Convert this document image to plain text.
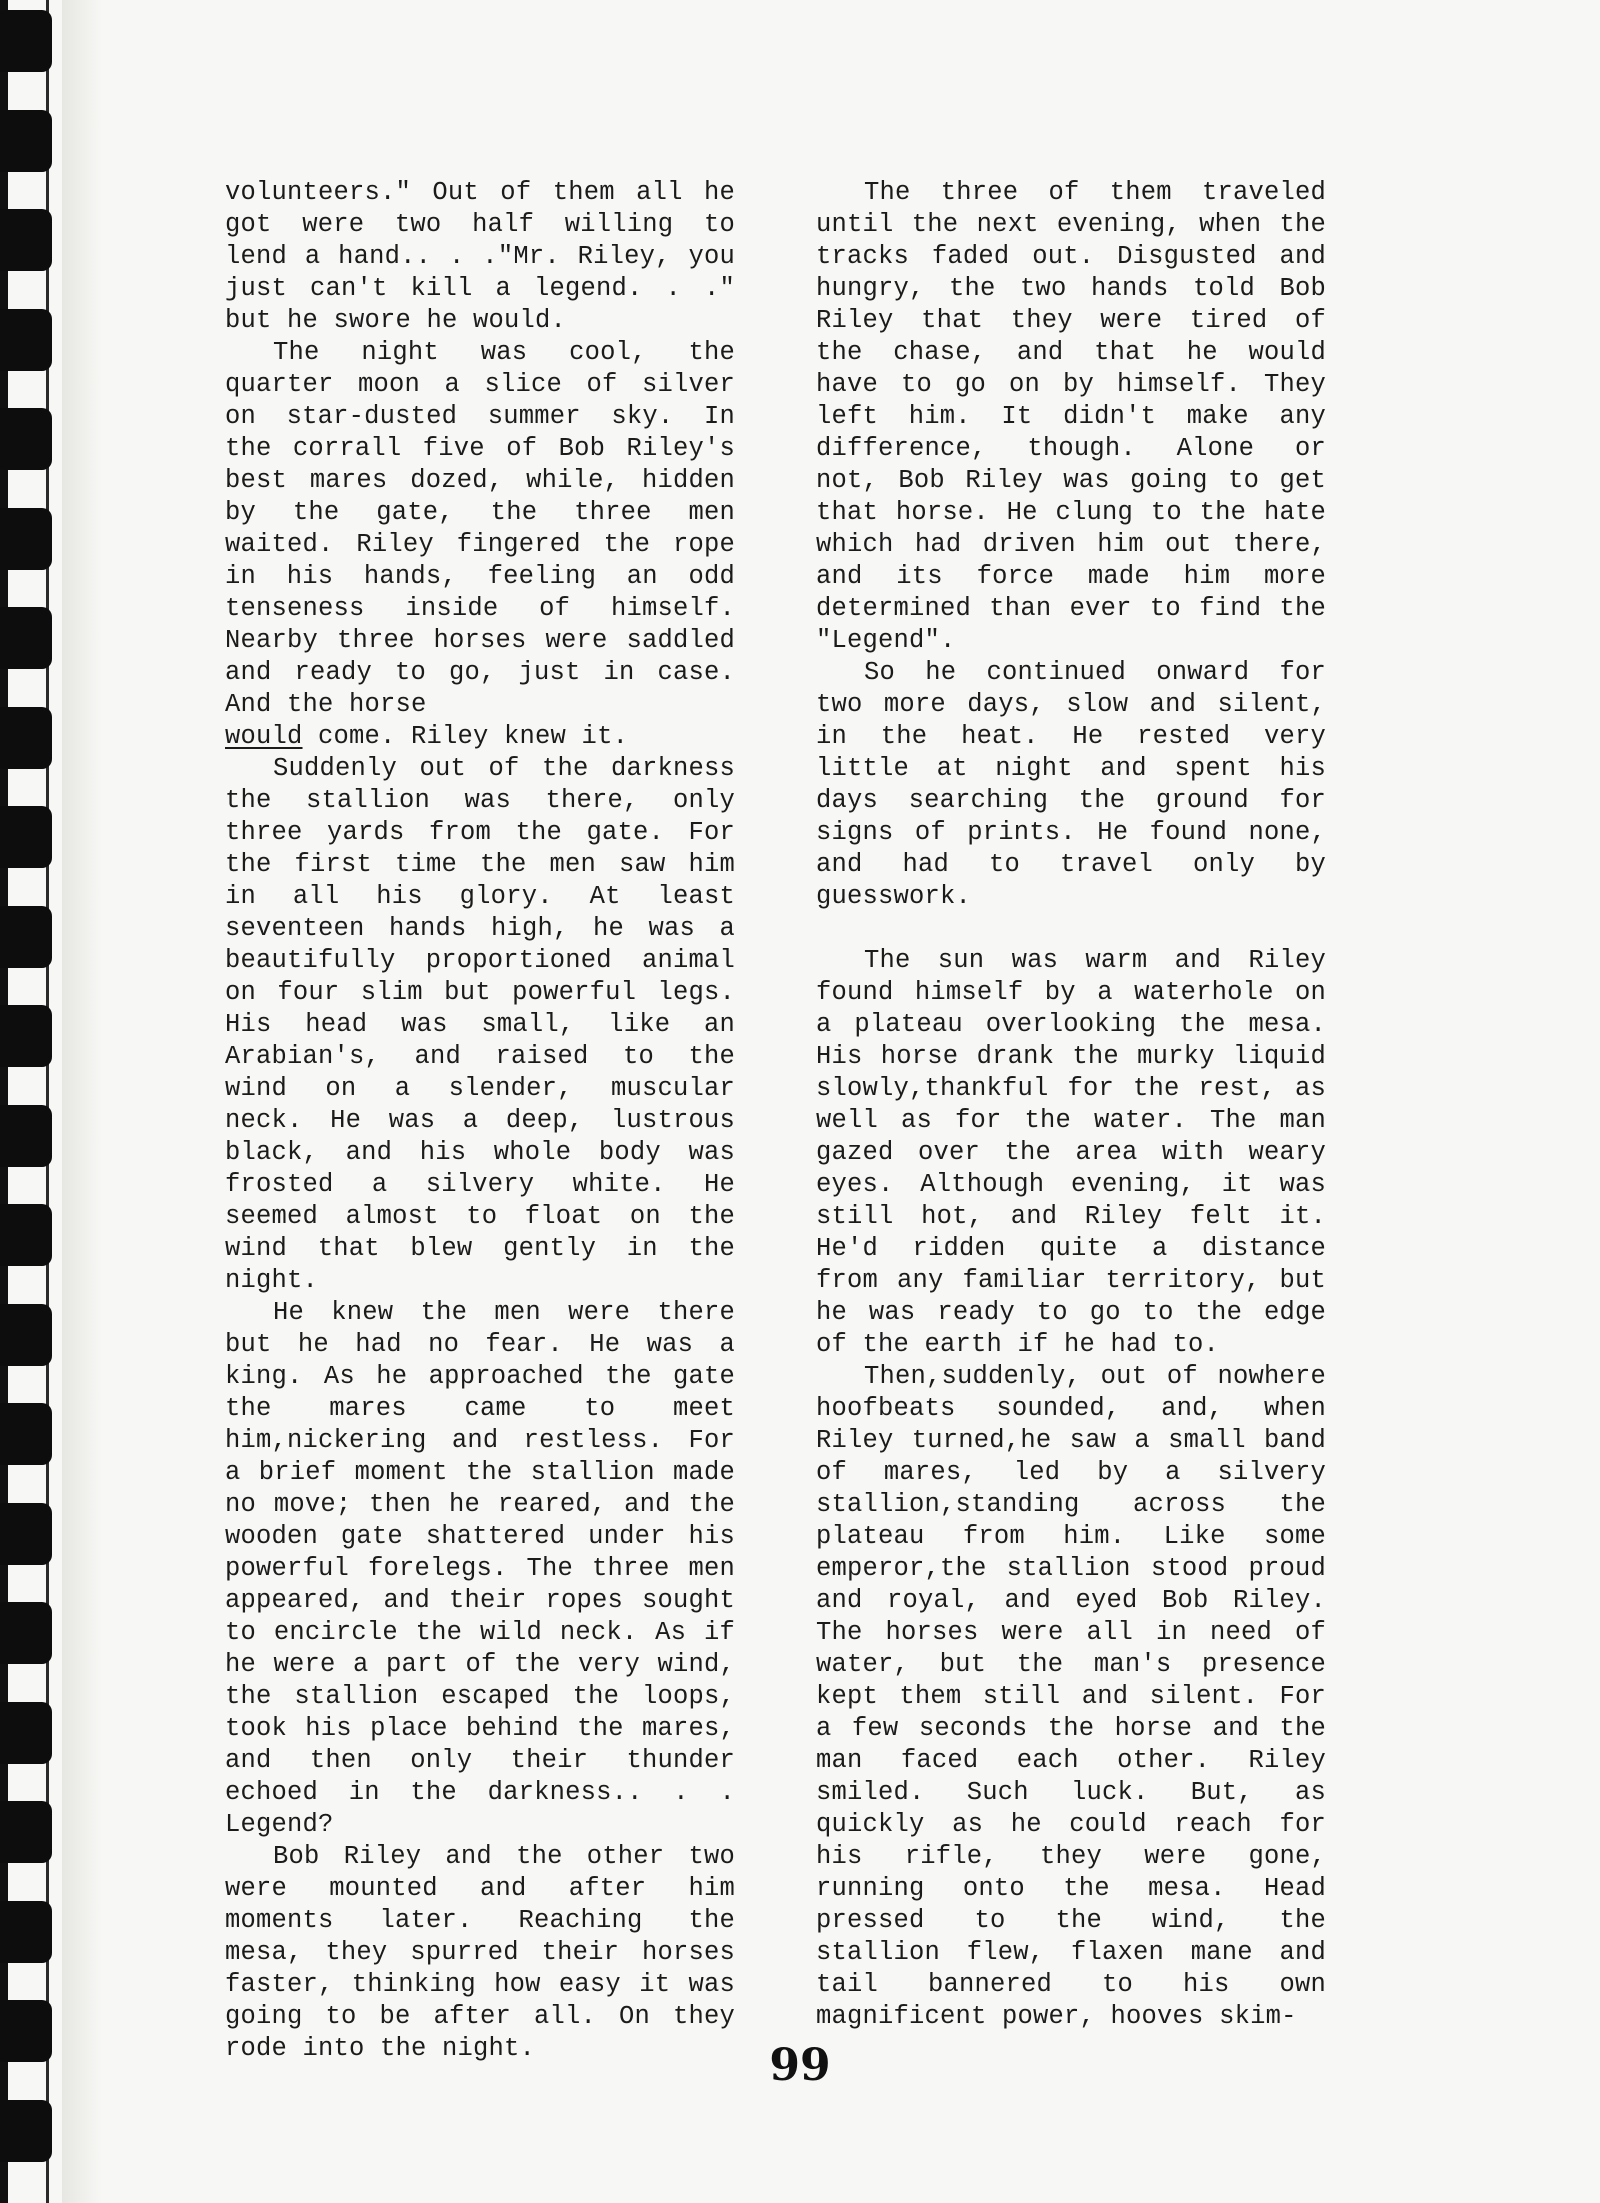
volunteers." Out of them all he got were two half willing to lend a hand.. . ."Mr. Riley, you just can't kill a legend. . ." but he swore he would.

The night was cool, the quarter moon a slice of silver on star-dusted summer sky. In the corrall five of Bob Riley's best mares dozed, while, hidden by the gate, the three men waited. Riley fingered the rope in his hands, feeling an odd tenseness inside of himself. Nearby three horses were saddled and ready to go, just in case. And the horse
would come. Riley knew it.

Suddenly out of the darkness the stallion was there, only three yards from the gate. For the first time the men saw him in all his glory. At least seventeen hands high, he was a beautifully proportioned animal on four slim but powerful legs. His head was small, like an Arabian's, and raised to the wind on a slender, muscular neck. He was a deep, lustrous black, and his whole body was frosted a silvery white. He seemed almost to float on the wind that blew gently in the night.

He knew the men were there but he had no fear. He was a king. As he approached the gate the mares came to meet him,nickering and restless. For a brief moment the stallion made no move; then he reared, and the wooden gate shattered under his powerful forelegs. The three men appeared, and their ropes sought to encircle the wild neck. As if he were a part of the very wind, the stallion escaped the loops, took his place behind the mares, and then only their thunder echoed in the darkness.. . . Legend?

Bob Riley and the other two were mounted and after him moments later. Reaching the mesa, they spurred their horses faster, thinking how easy it was going to be after all. On they rode into the night.

The three of them traveled until the next evening, when the tracks faded out. Disgusted and hungry, the two hands told Bob Riley that they were tired of the chase, and that he would have to go on by himself. They left him. It didn't make any difference, though. Alone or not, Bob Riley was going to get that horse. He clung to the hate which had driven him out there, and its force made him more determined than ever to find the "Legend".

So he continued onward for two more days, slow and silent, in the heat. He rested very little at night and spent his days searching the ground for signs of prints. He found none, and had to travel only by guesswork.

The sun was warm and Riley found himself by a waterhole on a plateau overlooking the mesa. His horse drank the murky liquid slowly,thankful for the rest, as well as for the water. The man gazed over the area with weary eyes. Although evening, it was still hot, and Riley felt it. He'd ridden quite a distance from any familiar territory, but he was ready to go to the edge of the earth if he had to.

Then,suddenly, out of nowhere hoofbeats sounded, and, when Riley turned,he saw a small band of mares, led by a silvery stallion,standing across the plateau from him. Like some emperor,the stallion stood proud and royal, and eyed Bob Riley. The horses were all in need of water, but the man's presence kept them still and silent. For a few seconds the horse and the man faced each other. Riley smiled. Such luck. But, as quickly as he could reach for his rifle, they were gone, running onto the mesa. Head pressed to the wind, the stallion flew, flaxen mane and tail bannered to his own magnificent power, hooves skim-

99
